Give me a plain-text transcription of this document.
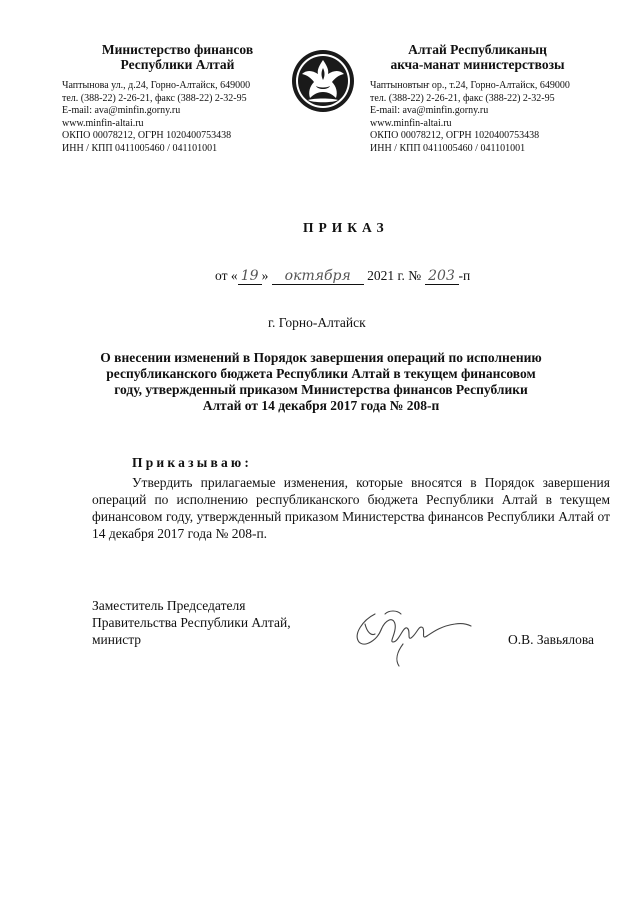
Министерство финансов
Республики Алтай
Чаптынова ул., д.24, Горно-Алтайск, 649000
тел. (388-22) 2-26-21, факс (388-22) 2-32-95
E-mail: ava@minfin.gorny.ru
www.minfin-altai.ru
ОКПО 00078212, ОГРН 1020400753438
ИНН / КПП 0411005460 / 041101001
Алтай Республиканың
акча-манат министерствозы
Чаптыновтыҥ ор., т.24, Горно-Алтайск, 649000
тел. (388-22) 2-26-21, факс (388-22) 2-32-95
E-mail: ava@minfin.gorny.ru
www.minfin-altai.ru
ОКПО 00078212, ОГРН 1020400753438
ИНН / КПП 0411005460 / 041101001
ПРИКАЗ
от « 19 » октября 2021 г. № 203 -п
г. Горно-Алтайск
О внесении изменений в Порядок завершения операций по исполнению
республиканского бюджета Республики Алтай в текущем финансовом
году, утвержденный приказом Министерства финансов Республики
Алтай от 14 декабря 2017 года № 208-п
Приказываю:
Утвердить прилагаемые изменения, которые вносятся в Порядок завершения операций по исполнению республиканского бюджета Республики Алтай в текущем финансовом году, утвержденный приказом Министерства финансов Республики Алтай от 14 декабря 2017 года № 208-п.
Заместитель Председателя
Правительства Республики Алтай,
министр	О.В. Завьялова
